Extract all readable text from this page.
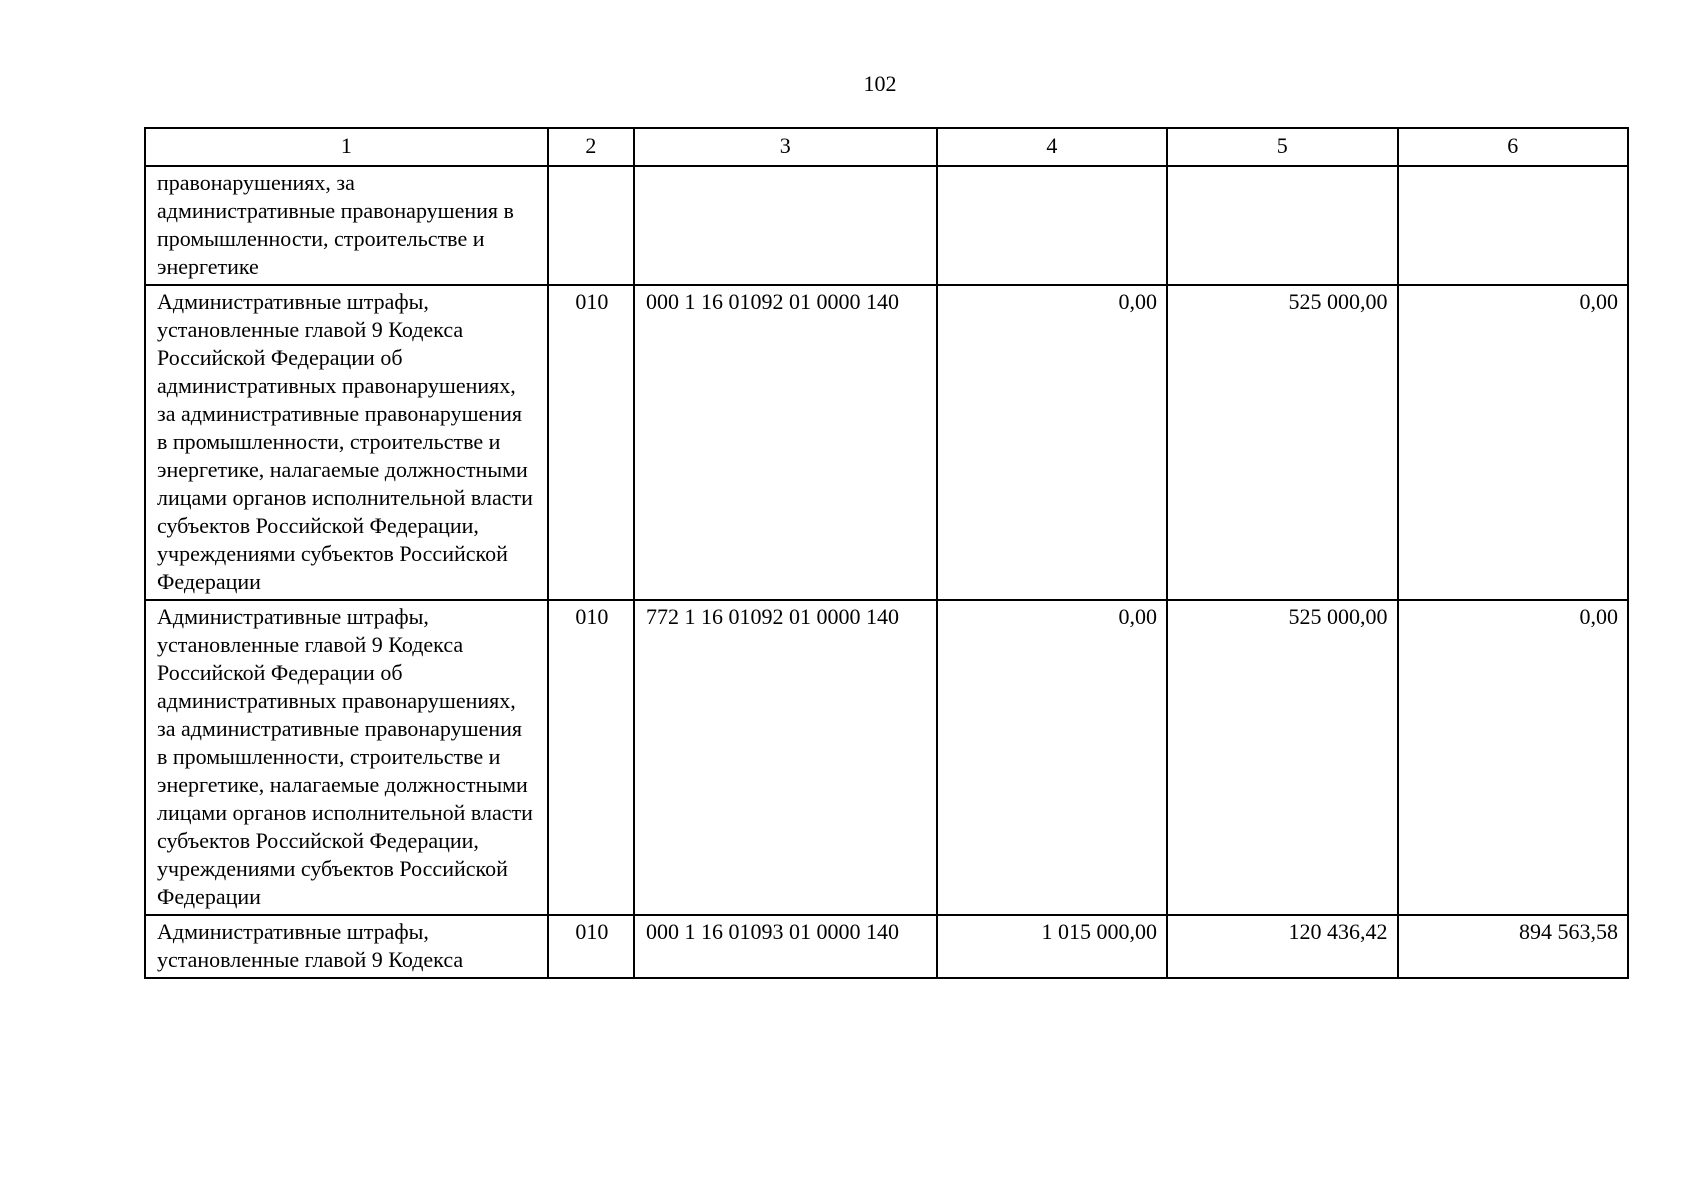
102
1	2	3	4	5	6
правонарушениях, за административные правонарушения в промышленности, строительстве и энергетике					
Административные штрафы, установленные главой 9 Кодекса Российской Федерации об административных правонарушениях, за административные правонарушения в промышленности, строительстве и энергетике, налагаемые должностными лицами органов исполнительной власти субъектов Российской Федерации, учреждениями субъектов Российской Федерации	010	000 1 16 01092 01 0000 140	0,00	525 000,00	0,00
Административные штрафы, установленные главой 9 Кодекса Российской Федерации об административных правонарушениях, за административные правонарушения в промышленности, строительстве и энергетике, налагаемые должностными лицами органов исполнительной власти субъектов Российской Федерации, учреждениями субъектов Российской Федерации	010	772 1 16 01092 01 0000 140	0,00	525 000,00	0,00
Административные штрафы, установленные главой 9 Кодекса	010	000 1 16 01093 01 0000 140	1 015 000,00	120 436,42	894 563,58
